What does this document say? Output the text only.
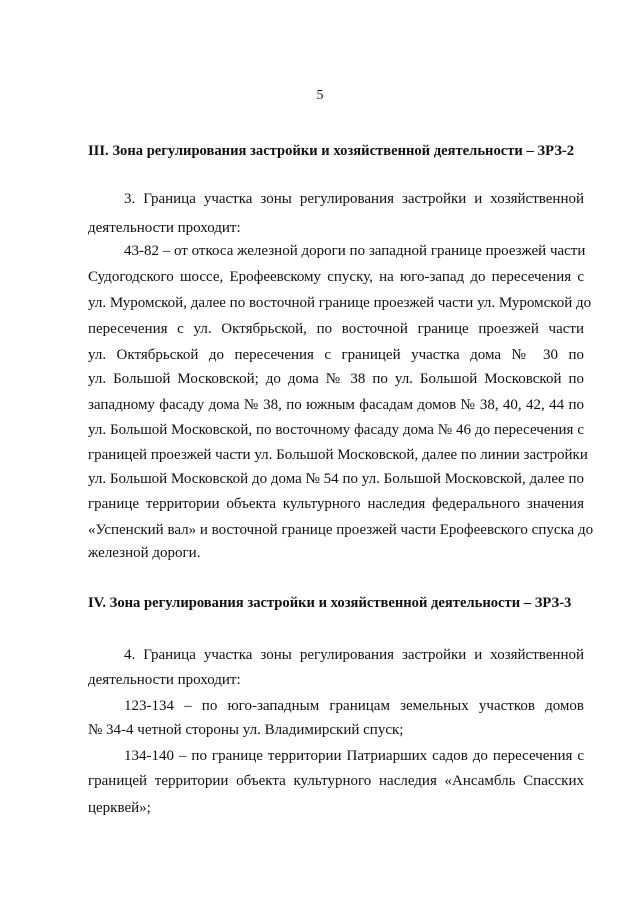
5
III. Зона регулирования застройки и хозяйственной деятельности – ЗРЗ-2
3. Граница участка зоны регулирования застройки и хозяйственной
деятельности проходит:
43-82 – от откоса железной дороги по западной границе проезжей части
Судогодского шоссе, Ерофеевскому спуску, на юго-запад до пересечения с
ул. Муромской, далее по восточной границе проезжей части ул. Муромской до
пересечения с ул. Октябрьской, по восточной границе проезжей части
ул. Октябрьской до пересечения с границей участка дома № 30 по
ул. Большой Московской; до дома № 38 по ул. Большой Московской по
западному фасаду дома № 38, по южным фасадам домов № 38, 40, 42, 44 по
ул. Большой Московской, по восточному фасаду дома № 46 до пересечения с
границей проезжей части ул. Большой Московской, далее по линии застройки
ул. Большой Московской до дома № 54 по ул. Большой Московской, далее по
границе территории объекта культурного наследия федерального значения
«Успенский вал» и восточной границе проезжей части Ерофеевского спуска до
железной дороги.
IV. Зона регулирования застройки и хозяйственной деятельности – ЗРЗ-3
4. Граница участка зоны регулирования застройки и хозяйственной
деятельности проходит:
123-134 – по юго-западным границам земельных участков домов
№ 34-4 четной стороны ул. Владимирский спуск;
134-140 – по границе территории Патриарших садов до пересечения с
границей территории объекта культурного наследия «Ансамбль Спасских
церквей»;
